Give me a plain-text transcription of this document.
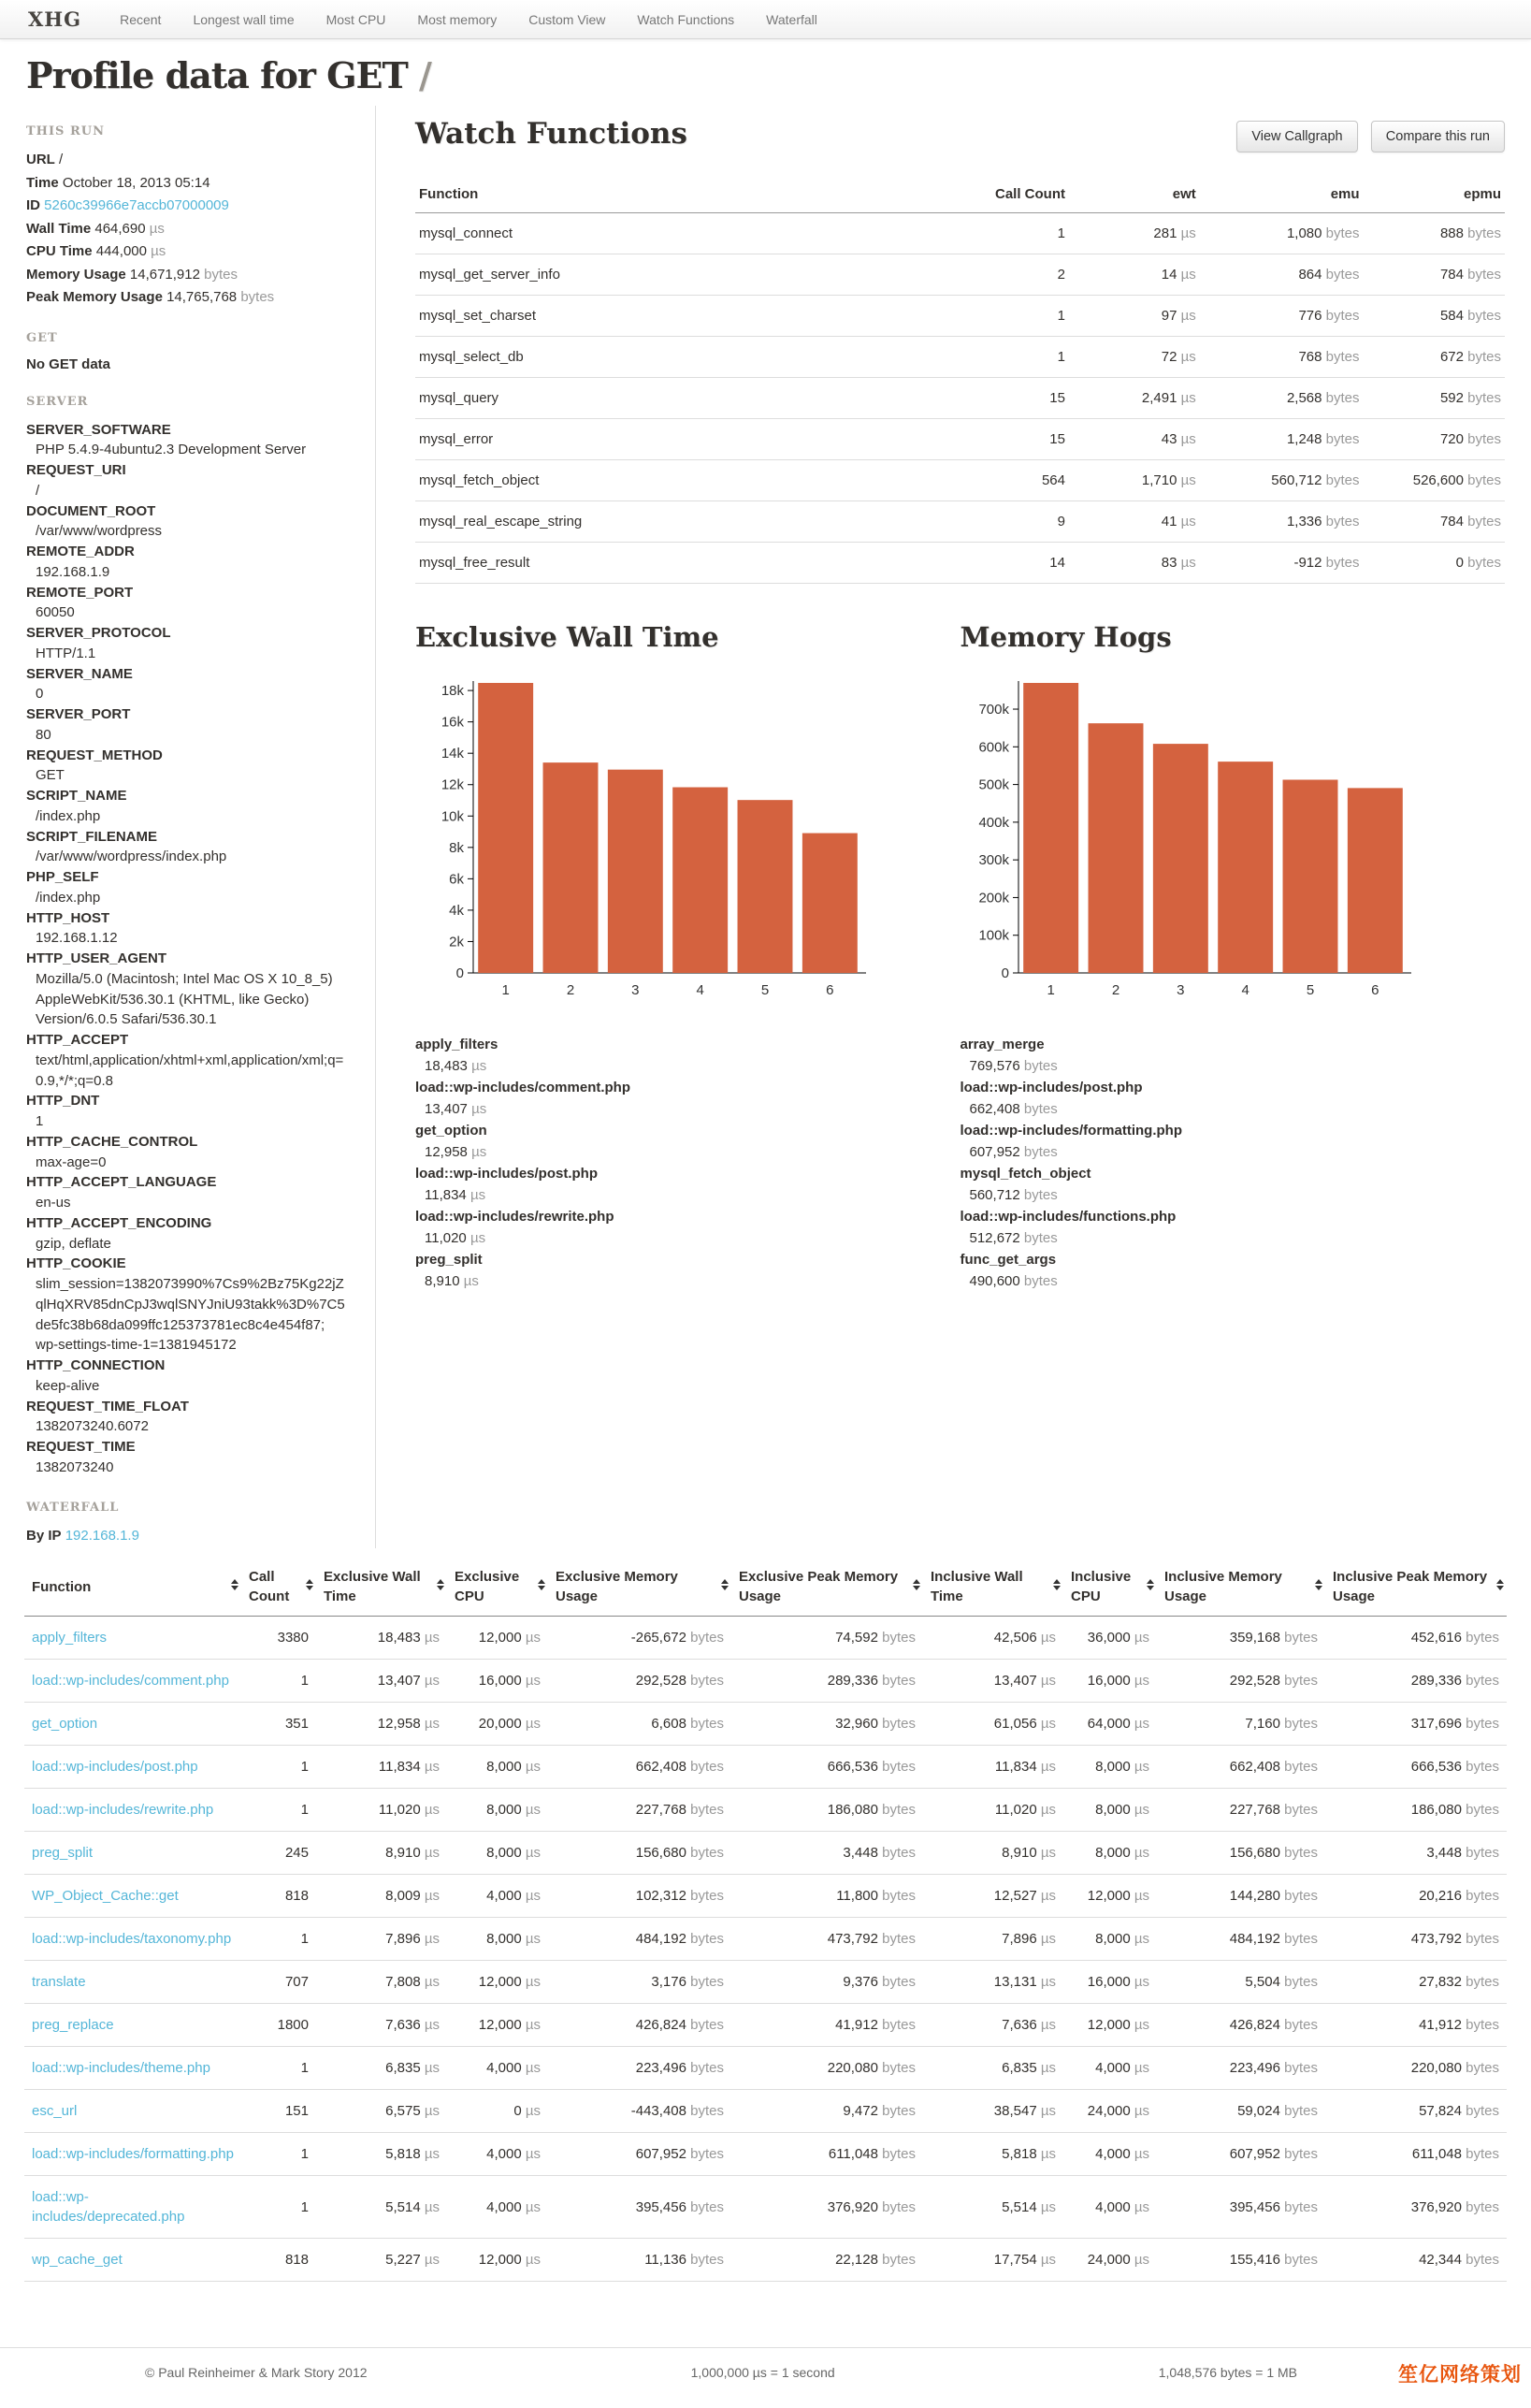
XHG	Recent	Longest wall time	Most CPU	Most memory	Custom View	Watch Functions	Waterfall
Profile data for GET /
THIS RUN
URL /
Time October 18, 2013 05:14
ID 5260c39966e7accb07000009
Wall Time 464,690 µs
CPU Time 444,000 µs
Memory Usage 14,671,912 bytes
Peak Memory Usage 14,765,768 bytes
GET
No GET data
SERVER
SERVER_SOFTWARE
PHP 5.4.9-4ubuntu2.3 Development Server
REQUEST_URI
/
DOCUMENT_ROOT
/var/www/wordpress
REMOTE_ADDR
192.168.1.9
REMOTE_PORT
60050
SERVER_PROTOCOL
HTTP/1.1
SERVER_NAME
0
SERVER_PORT
80
REQUEST_METHOD
GET
SCRIPT_NAME
/index.php
SCRIPT_FILENAME
/var/www/wordpress/index.php
PHP_SELF
/index.php
HTTP_HOST
192.168.1.12
HTTP_USER_AGENT
Mozilla/5.0 (Macintosh; Intel Mac OS X 10_8_5) AppleWebKit/536.30.1 (KHTML, like Gecko) Version/6.0.5 Safari/536.30.1
HTTP_ACCEPT
text/html,application/xhtml+xml,application/xml;q=0.9,*/*;q=0.8
HTTP_DNT
1
HTTP_CACHE_CONTROL
max-age=0
HTTP_ACCEPT_LANGUAGE
en-us
HTTP_ACCEPT_ENCODING
gzip, deflate
HTTP_COOKIE
slim_session=1382073990%7Cs9%2Bz75Kg22jZqlHqXRV85dnCpJ3wqlSNYJniU93takk%3D%7C5de5fc38b68da099ffc125373781ec8c4e454f87; wp-settings-time-1=1381945172
HTTP_CONNECTION
keep-alive
REQUEST_TIME_FLOAT
1382073240.6072
REQUEST_TIME
1382073240
WATERFALL
By IP 192.168.1.9
Watch Functions	View Callgraph	Compare this run
Function	Call Count	ewt	emu	epmu
mysql_connect	1	281 µs	1,080 bytes	888 bytes
mysql_get_server_info	2	14 µs	864 bytes	784 bytes
mysql_set_charset	1	97 µs	776 bytes	584 bytes
mysql_select_db	1	72 µs	768 bytes	672 bytes
mysql_query	15	2,491 µs	2,568 bytes	592 bytes
mysql_error	15	43 µs	1,248 bytes	720 bytes
mysql_fetch_object	564	1,710 µs	560,712 bytes	526,600 bytes
mysql_real_escape_string	9	41 µs	1,336 bytes	784 bytes
mysql_free_result	14	83 µs	-912 bytes	0 bytes
Exclusive Wall Time
0
2k
4k
6k
8k
10k
12k
14k
16k
18k
1	2	3	4	5	6
apply_filters
18,483 µs
load::wp-includes/comment.php
13,407 µs
get_option
12,958 µs
load::wp-includes/post.php
11,834 µs
load::wp-includes/rewrite.php
11,020 µs
preg_split
8,910 µs
Memory Hogs
0
100k
200k
300k
400k
500k
600k
700k
1	2	3	4	5	6
array_merge
769,576 bytes
load::wp-includes/post.php
662,408 bytes
load::wp-includes/formatting.php
607,952 bytes
mysql_fetch_object
560,712 bytes
load::wp-includes/functions.php
512,672 bytes
func_get_args
490,600 bytes
Function	Call Count	Exclusive Wall Time	Exclusive CPU	Exclusive Memory Usage	Exclusive Peak Memory Usage	Inclusive Wall Time	Inclusive CPU	Inclusive Memory Usage	Inclusive Peak Memory Usage

apply_filters	3380	18,483 µs	12,000 µs	-265,672 bytes	74,592 bytes	42,506 µs	36,000 µs	359,168 bytes	452,616 bytes
load::wp-includes/comment.php	1	13,407 µs	16,000 µs	292,528 bytes	289,336 bytes	13,407 µs	16,000 µs	292,528 bytes	289,336 bytes
get_option	351	12,958 µs	20,000 µs	6,608 bytes	32,960 bytes	61,056 µs	64,000 µs	7,160 bytes	317,696 bytes
load::wp-includes/post.php	1	11,834 µs	8,000 µs	662,408 bytes	666,536 bytes	11,834 µs	8,000 µs	662,408 bytes	666,536 bytes
load::wp-includes/rewrite.php	1	11,020 µs	8,000 µs	227,768 bytes	186,080 bytes	11,020 µs	8,000 µs	227,768 bytes	186,080 bytes
preg_split	245	8,910 µs	8,000 µs	156,680 bytes	3,448 bytes	8,910 µs	8,000 µs	156,680 bytes	3,448 bytes
WP_Object_Cache::get	818	8,009 µs	4,000 µs	102,312 bytes	11,800 bytes	12,527 µs	12,000 µs	144,280 bytes	20,216 bytes
load::wp-includes/taxonomy.php	1	7,896 µs	8,000 µs	484,192 bytes	473,792 bytes	7,896 µs	8,000 µs	484,192 bytes	473,792 bytes
translate	707	7,808 µs	12,000 µs	3,176 bytes	9,376 bytes	13,131 µs	16,000 µs	5,504 bytes	27,832 bytes
preg_replace	1800	7,636 µs	12,000 µs	426,824 bytes	41,912 bytes	7,636 µs	12,000 µs	426,824 bytes	41,912 bytes
load::wp-includes/theme.php	1	6,835 µs	4,000 µs	223,496 bytes	220,080 bytes	6,835 µs	4,000 µs	223,496 bytes	220,080 bytes
esc_url	151	6,575 µs	0 µs	-443,408 bytes	9,472 bytes	38,547 µs	24,000 µs	59,024 bytes	57,824 bytes
load::wp-includes/formatting.php	1	5,818 µs	4,000 µs	607,952 bytes	611,048 bytes	5,818 µs	4,000 µs	607,952 bytes	611,048 bytes
load::wp-includes/deprecated.php	1	5,514 µs	4,000 µs	395,456 bytes	376,920 bytes	5,514 µs	4,000 µs	395,456 bytes	376,920 bytes
wp_cache_get	818	5,227 µs	12,000 µs	11,136 bytes	22,128 bytes	17,754 µs	24,000 µs	155,416 bytes	42,344 bytes
© Paul Reinheimer & Mark Story 2012	1,000,000 µs = 1 second	1,048,576 bytes = 1 MB	笙亿网络策划
